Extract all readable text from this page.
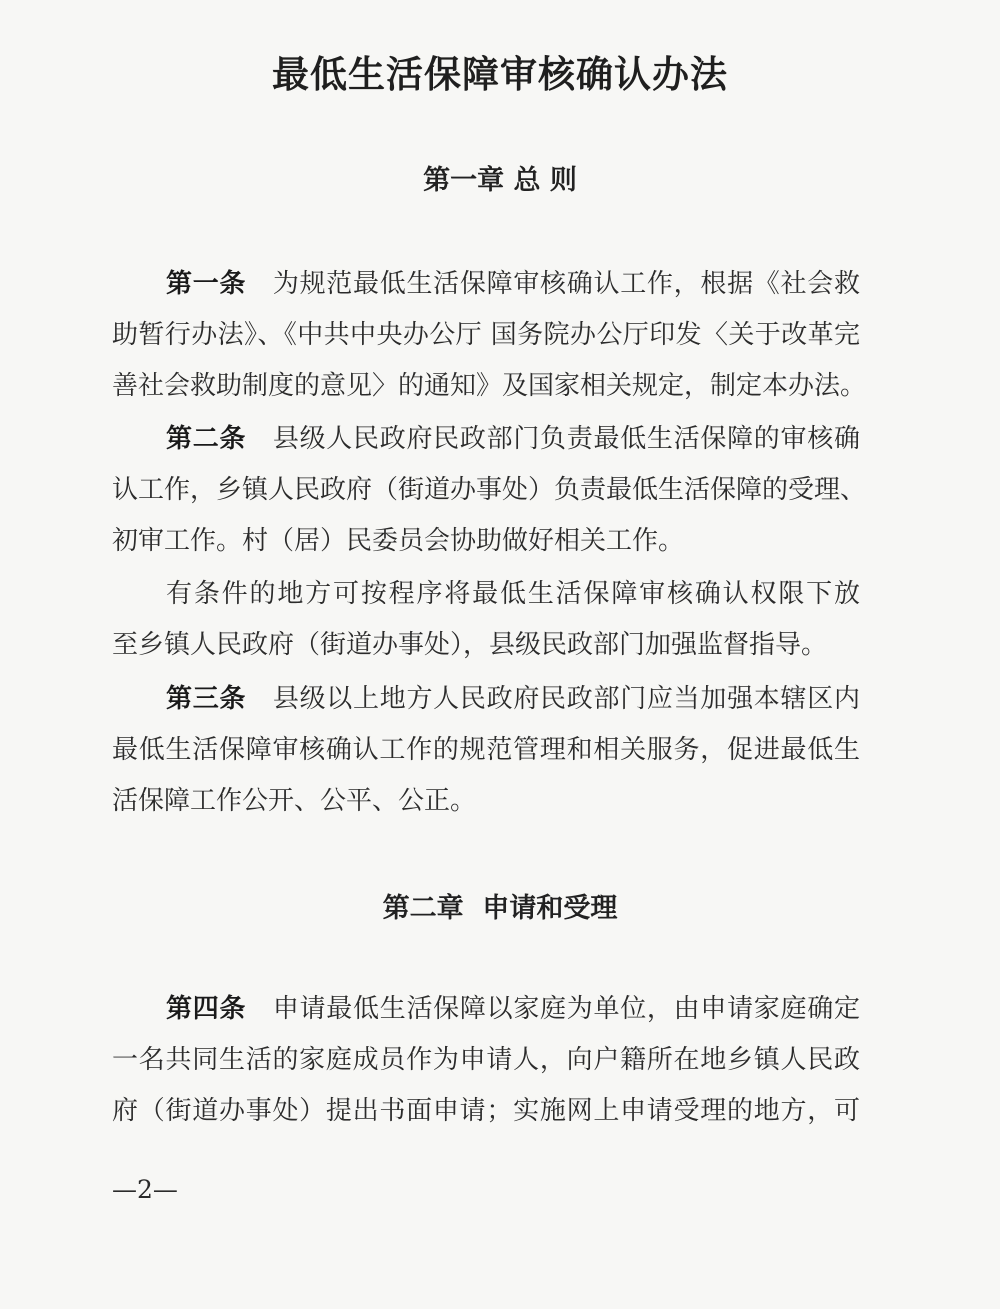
最低生活保障审核确认办法
第一章 总 则
第一条　 为规范最低生活保障审核确认工作，根据《社会救
助暂行办法》、《中共中央办公厅 国务院办公厅印发〈关于改革完
善社会救助制度的意见〉的通知》及国家相关规定，制定本办法。
第二条　 县级人民政府民政部门负责最低生活保障的审核确
认工作，乡镇人民政府（街道办事处）负责最低生活保障的受理、
初审工作。村（居）民委员会协助做好相关工作。
有条件的地方可按程序将最低生活保障审核确认权限下放
至乡镇人民政府（街道办事处），县级民政部门加强监督指导。
第三条　 县级以上地方人民政府民政部门应当加强本辖区内
最低生活保障审核确认工作的规范管理和相关服务，促进最低生
活保障工作公开、公平、公正。
第二章  申请和受理
第四条　 申请最低生活保障以家庭为单位，由申请家庭确定
一名共同生活的家庭成员作为申请人，向户籍所在地乡镇人民政
府（街道办事处）提出书面申请；实施网上申请受理的地方，可
—2—
